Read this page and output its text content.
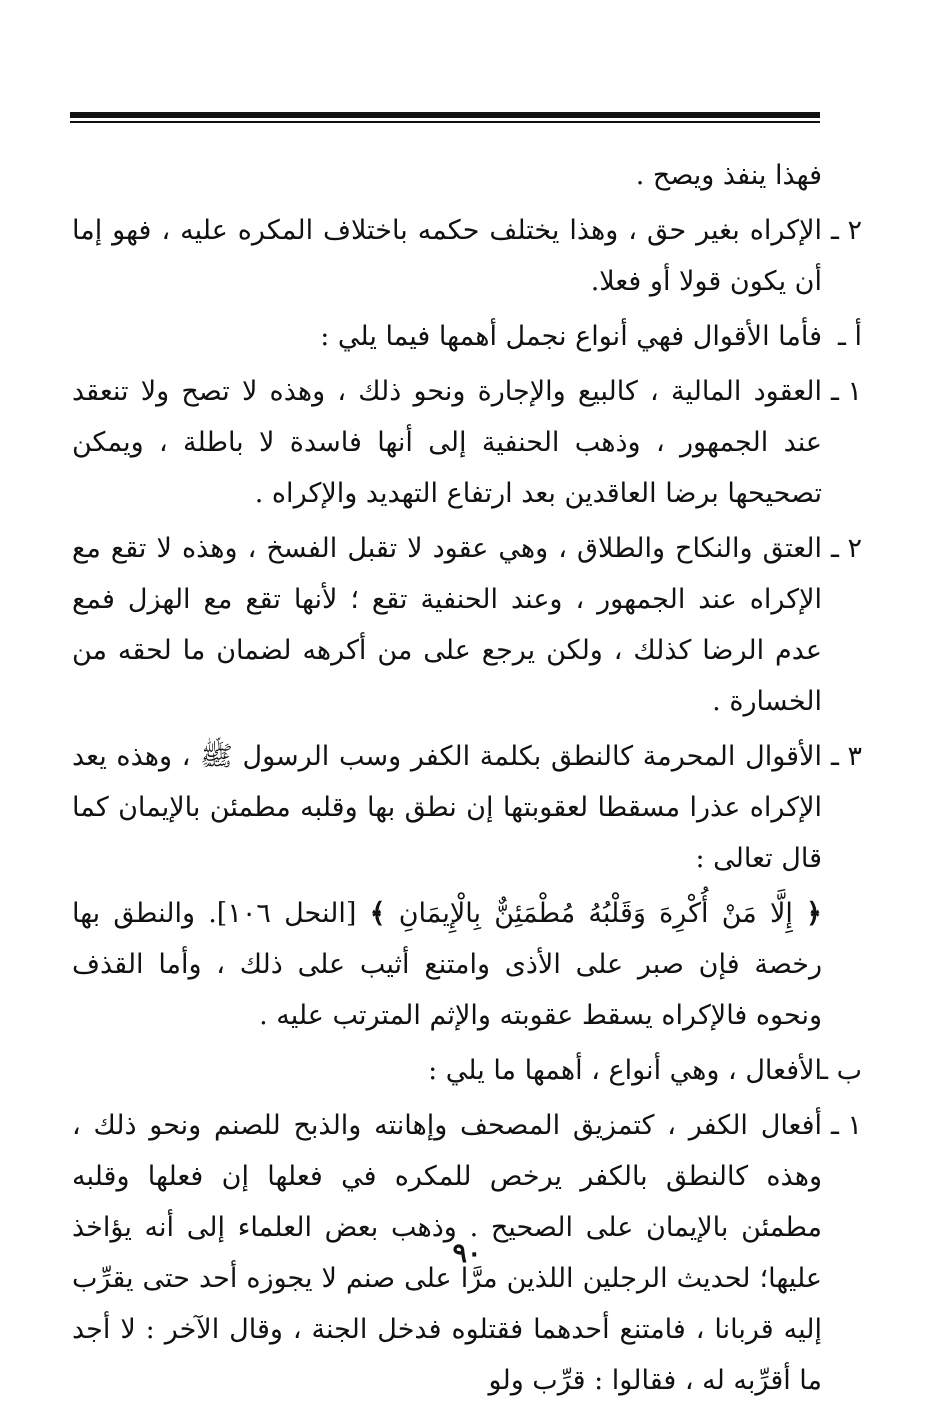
فهذا ينفذ ويصح .

٢ ـ
الإكراه بغير حق ، وهذا يختلف حكمه باختلاف المكره عليه ، فهو إما أن يكون قولا أو فعلا.
أ ـ
فأما الأقوال فهي أنواع نجمل أهمها فيما يلي :
١ ـ
العقود المالية ، كالبيع والإجارة ونحو ذلك ، وهذه لا تصح ولا تنعقد عند الجمهور ، وذهب الحنفية إلى أنها فاسدة لا باطلة ، ويمكن تصحيحها برضا العاقدين بعد ارتفاع التهديد والإكراه .
٢ ـ
العتق والنكاح والطلاق ، وهي عقود لا تقبل الفسخ ، وهذه لا تقع مع الإكراه عند الجمهور ، وعند الحنفية تقع ؛ لأنها تقع مع الهزل فمع عدم الرضا كذلك ، ولكن يرجع على من أكرهه لضمان ما لحقه من الخسارة .
٣ ـ
الأقوال المحرمة كالنطق بكلمة الكفر وسب الرسول ﷺ ، وهذه يعد الإكراه عذرا مسقطا لعقوبتها إن نطق بها وقلبه مطمئن بالإيمان كما قال تعالى :

﴿ إِلَّا مَنْ أُكْرِهَ وَقَلْبُهُ مُطْمَئِنٌّ بِالْإِيمَانِ ﴾ [النحل ١٠٦]. والنطق بها رخصة فإن صبر على الأذى وامتنع أثيب على ذلك ، وأما القذف ونحوه فالإكراه يسقط عقوبته والإثم المترتب عليه .

ب ـ
الأفعال ، وهي أنواع ، أهمها ما يلي :
١ ـ
أفعال الكفر ، كتمزيق المصحف وإهانته والذبح للصنم ونحو ذلك ، وهذه كالنطق بالكفر يرخص للمكره في فعلها إن فعلها وقلبه مطمئن بالإيمان على الصحيح . وذهب بعض العلماء إلى أنه يؤاخذ عليها؛ لحديث الرجلين اللذين مرَّا على صنم لا يجوزه أحد حتى يقرِّب إليه قربانا ، فامتنع أحدهما فقتلوه فدخل الجنة ، وقال الآخر : لا أجد ما أقرِّبه له ، فقالوا : قرِّب ولو
٩٠
